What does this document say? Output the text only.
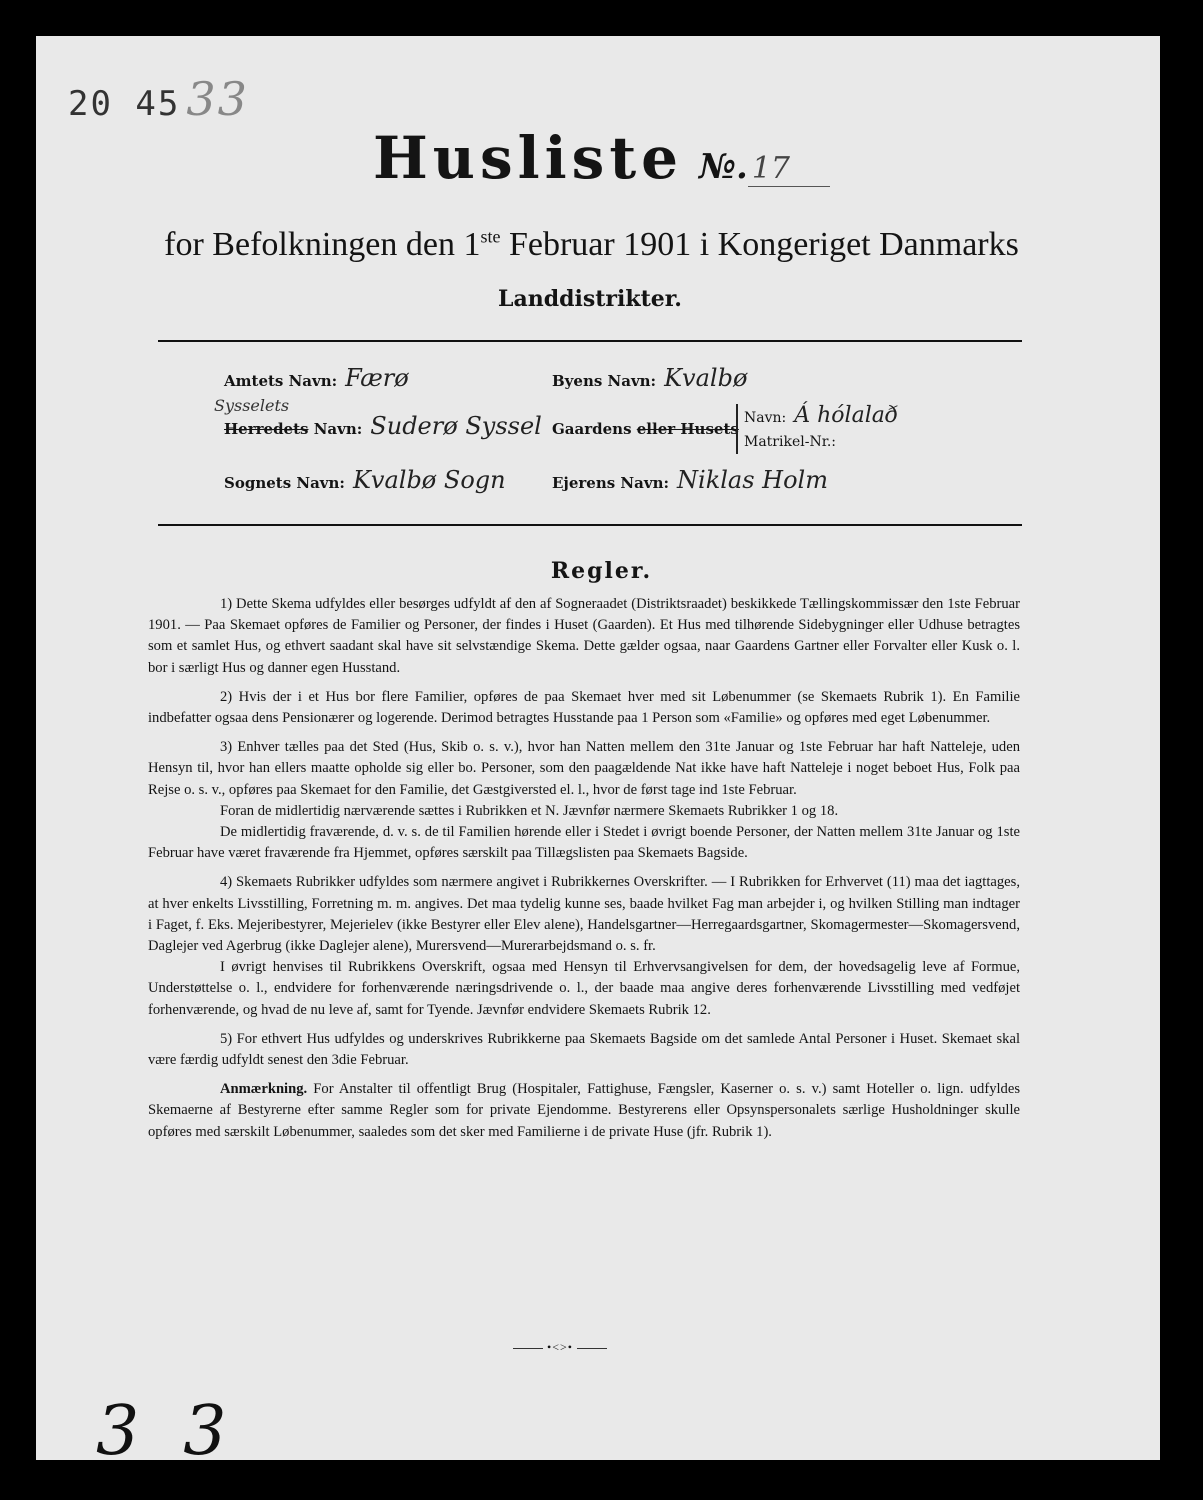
20 45 33
Husliste №. 17
for Befolkningen den 1ste Februar 1901 i Kongeriget Danmarks
Landdistrikter.
Amtets Navn: Færø	Byens Navn: Kvalbø
Sysselets
Herredets Navn: Suderø Syssel Gaardens eller Husets
Navn: Á hólalað
Matrikel-Nr.:
Sognets Navn: Kvalbø Sogn	Ejerens Navn: Niklas Holm
Regler.

1) Dette Skema udfyldes eller besørges udfyldt af den af Sogneraadet (Distriktsraadet) beskikkede Tællingskommissær den 1ste Februar 1901. — Paa Skemaet opføres de Familier og Personer, der findes i Huset (Gaarden). Et Hus med tilhørende Sidebygninger eller Udhuse betragtes som et samlet Hus, og ethvert saadant skal have sit selvstændige Skema. Dette gælder ogsaa, naar Gaardens Gartner eller Forvalter eller Kusk o. l. bor i særligt Hus og danner egen Husstand.

2) Hvis der i et Hus bor flere Familier, opføres de paa Skemaet hver med sit Løbenummer (se Skemaets Rubrik 1). En Familie indbefatter ogsaa dens Pensionærer og logerende. Derimod betragtes Husstande paa 1 Person som «Familie» og opføres med eget Løbenummer.

3) Enhver tælles paa det Sted (Hus, Skib o. s. v.), hvor han Natten mellem den 31te Januar og 1ste Februar har haft Natteleje, uden Hensyn til, hvor han ellers maatte opholde sig eller bo. Personer, som den paagældende Nat ikke have haft Natteleje i noget beboet Hus, Folk paa Rejse o. s. v., opføres paa Skemaet for den Familie, det Gæstgiversted el. l., hvor de først tage ind 1ste Februar.

Foran de midlertidig nærværende sættes i Rubrikken et N. Jævnfør nærmere Skemaets Rubrikker 1 og 18.

De midlertidig fraværende, d. v. s. de til Familien hørende eller i Stedet i øvrigt boende Personer, der Natten mellem 31te Januar og 1ste Februar have været fraværende fra Hjemmet, opføres særskilt paa Tillægslisten paa Skemaets Bagside.

4) Skemaets Rubrikker udfyldes som nærmere angivet i Rubrikkernes Overskrifter. — I Rubrikken for Erhvervet (11) maa det iagttages, at hver enkelts Livsstilling, Forretning m. m. angives. Det maa tydelig kunne ses, baade hvilket Fag man arbejder i, og hvilken Stilling man indtager i Faget, f. Eks. Mejeribestyrer, Mejerielev (ikke Bestyrer eller Elev alene), Handelsgartner—Herregaardsgartner, Skomagermester—Skomagersvend, Daglejer ved Agerbrug (ikke Daglejer alene), Murersvend—Murerarbejdsmand o. s. fr.

I øvrigt henvises til Rubrikkens Overskrift, ogsaa med Hensyn til Erhvervsangivelsen for dem, der hovedsagelig leve af Formue, Understøttelse o. l., endvidere for forhenværende næringsdrivende o. l., der baade maa angive deres forhenværende Livsstilling med vedføjet forhenværende, og hvad de nu leve af, samt for Tyende. Jævnfør endvidere Skemaets Rubrik 12.

5) For ethvert Hus udfyldes og underskrives Rubrikkerne paa Skemaets Bagside om det samlede Antal Personer i Huset. Skemaet skal være færdig udfyldt senest den 3die Februar.

Anmærkning. For Anstalter til offentligt Brug (Hospitaler, Fattighuse, Fængsler, Kaserner o. s. v.) samt Hoteller o. lign. udfyldes Skemaerne af Bestyrerne efter samme Regler som for private Ejendomme. Bestyrerens eller Opsynspersonalets særlige Husholdninger skulle opføres med særskilt Løbenummer, saaledes som det sker med Familierne i de private Huse (jfr. Rubrik 1).

•<>•
33
